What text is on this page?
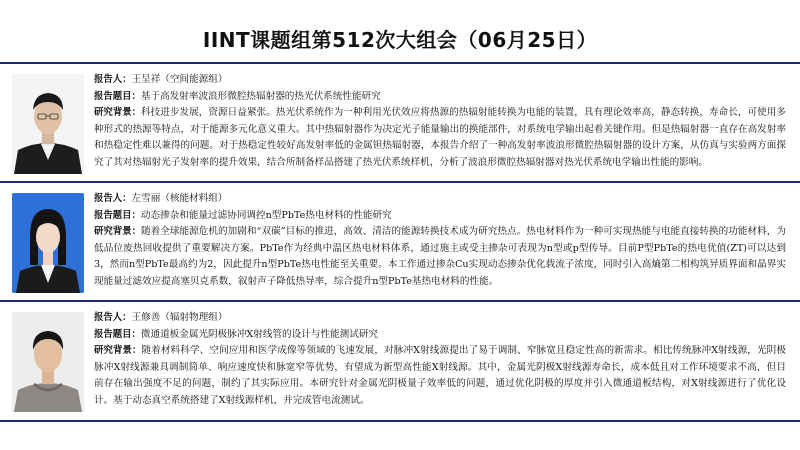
IINT课题组第512次大组会（06月25日）
报告人：王呈祥（空间能源组）
报告题目：基于高发射率波浪形微腔热辐射器的热光伏系统性能研究
研究背景：科技进步发展，资源日益紧张。热光伏系统作为一种利用光伏效应将热源的热辐射能转换为电能的装置，具有理论效率高，静态转换，寿命长，可使用多种形式的热源等特点，对于能源多元化意义重大。其中热辐射器作为决定光子能量输出的换能部件，对系统电学输出起着关键作用。但是热辐射器一直存在高发射率和热稳定性难以兼得的问题。对于热稳定性较好高发射率低的金属钽热辐射器，本报告介绍了一种高发射率波浪形微腔热辐射器的设计方案，从仿真与实验两方面探究了其对热辐射光子发射率的提升效果，结合所制备样品搭建了热光伏系统样机，分析了波浪形微腔热辐射器对热光伏系统电学输出性能的影响。
报告人：左雪丽（核能材料组）
报告题目：动态掺杂和能量过滤协同调控n型PbTe热电材料的性能研究
研究背景：随着全球能源危机的加剧和“双碳”目标的推进，高效、清洁的能源转换技术成为研究热点。热电材料作为一种可实现热能与电能直接转换的功能材料，为低品位废热回收提供了重要解决方案。PbTe作为经典中温区热电材料体系，通过施主或受主掺杂可表现为n型或p型传导。目前P型PbTe的热电优值(ZT)可以达到3，然而n型PbTe最高约为2，因此提升n型PbTe热电性能至关重要。本工作通过掺杂Cu实现动态掺杂优化载流子浓度，同时引入高熵第二相构筑异质界面和晶界实现能量过滤效应提高塞贝克系数，叙射声子降低热导率，综合提升n型PbTe基热电材料的性能。
报告人：王修善（辐射物理组）
报告题目：微通道板金属光阴极脉冲X射线管的设计与性能测试研究
研究背景：随着材料科学、空间应用和医学成像等领域的飞速发展，对脉冲X射线源提出了易于调制、窄脉宽且稳定性高的新需求。相比传统脉冲X射线源，光阴极脉冲X射线源兼具调制简单、响应速度快和脉宽窄等优势，有望成为新型高性能X射线源。其中，金属光阴极X射线源寿命长，成本低且对工作环境要求不高，但目前存在输出强度不足的问题，制约了其实际应用。本研究针对金属光阴极量子效率低的问题，通过优化阴极的厚度并引入微通道板结构，对X射线源进行了优化设计。基于动态真空系统搭建了X射线源样机，并完成管电流测试。
